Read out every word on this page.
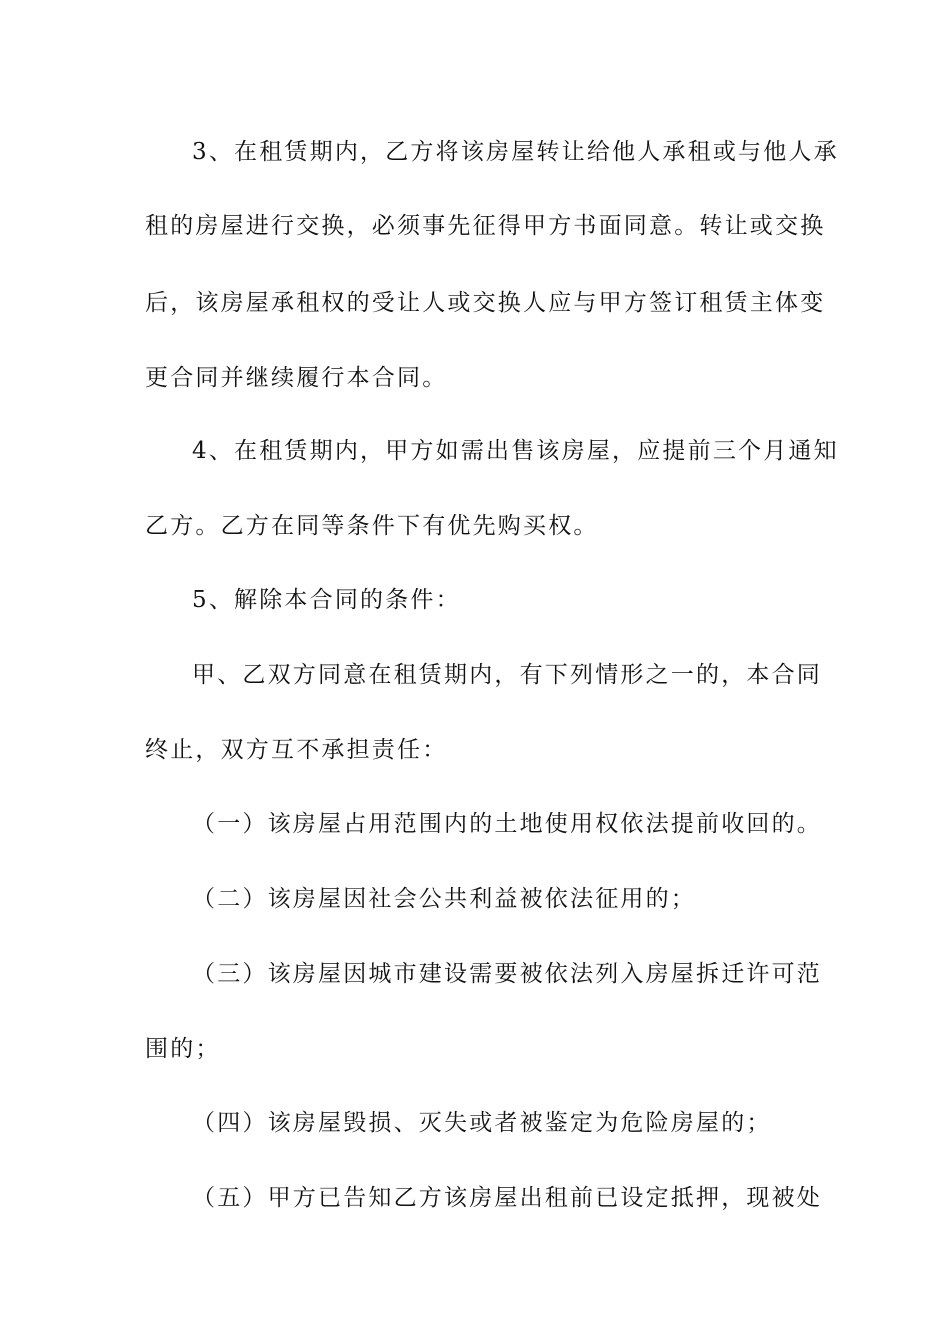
3、在租赁期内，乙方将该房屋转让给他人承租或与他人承
租的房屋进行交换，必须事先征得甲方书面同意。转让或交换
后，该房屋承租权的受让人或交换人应与甲方签订租赁主体变
更合同并继续履行本合同。
4、在租赁期内，甲方如需出售该房屋，应提前三个月通知
乙方。乙方在同等条件下有优先购买权。
5、解除本合同的条件：
甲、乙双方同意在租赁期内，有下列情形之一的，本合同
终止，双方互不承担责任：
（一）该房屋占用范围内的土地使用权依法提前收回的。
（二）该房屋因社会公共利益被依法征用的；
（三）该房屋因城市建设需要被依法列入房屋拆迁许可范
围的；
（四）该房屋毁损、灭失或者被鉴定为危险房屋的；
（五）甲方已告知乙方该房屋出租前已设定抵押，现被处
